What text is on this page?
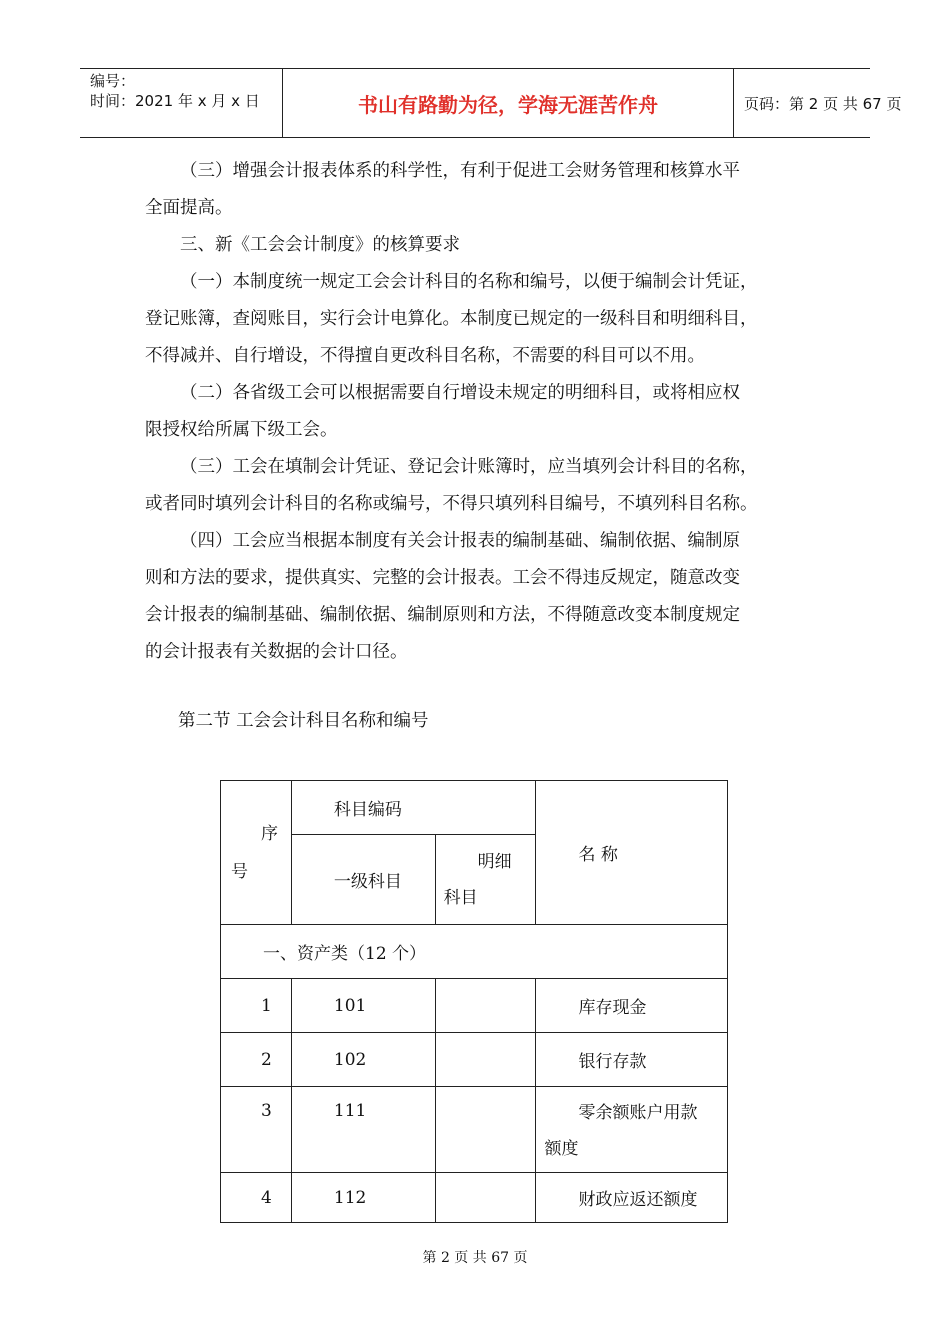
编号：
时间：2021 年 x 月 x 日	书山有路勤为径，学海无涯苦作舟	页码：第 2 页 共 67 页
（三）增强会计报表体系的科学性，有利于促进工会财务管理和核算水平
全面提高。
三、新《工会会计制度》的核算要求
（一）本制度统一规定工会会计科目的名称和编号，以便于编制会计凭证，
登记账簿，查阅账目，实行会计电算化。本制度已规定的一级科目和明细科目，
不得减并、自行增设，不得擅自更改科目名称，不需要的科目可以不用。
（二）各省级工会可以根据需要自行增设未规定的明细科目，或将相应权
限授权给所属下级工会。
（三）工会在填制会计凭证、登记会计账簿时，应当填列会计科目的名称，
或者同时填列会计科目的名称或编号，不得只填列科目编号，不填列科目名称。
（四）工会应当根据本制度有关会计报表的编制基础、编制依据、编制原
则和方法的要求，提供真实、完整的会计报表。工会不得违反规定，随意改变
会计报表的编制基础、编制依据、编制原则和方法，不得随意改变本制度规定
的会计报表有关数据的会计口径。
第二节 工会会计科目名称和编号
序
号	科目编码		名 称
	一级科目	明细
科目	

一、资产类（12 个）			
1	101		库存现金
2	102		银行存款
3	111		零余额账户用款
额度

4	112		财政应返还额度
第 2 页 共 67 页
